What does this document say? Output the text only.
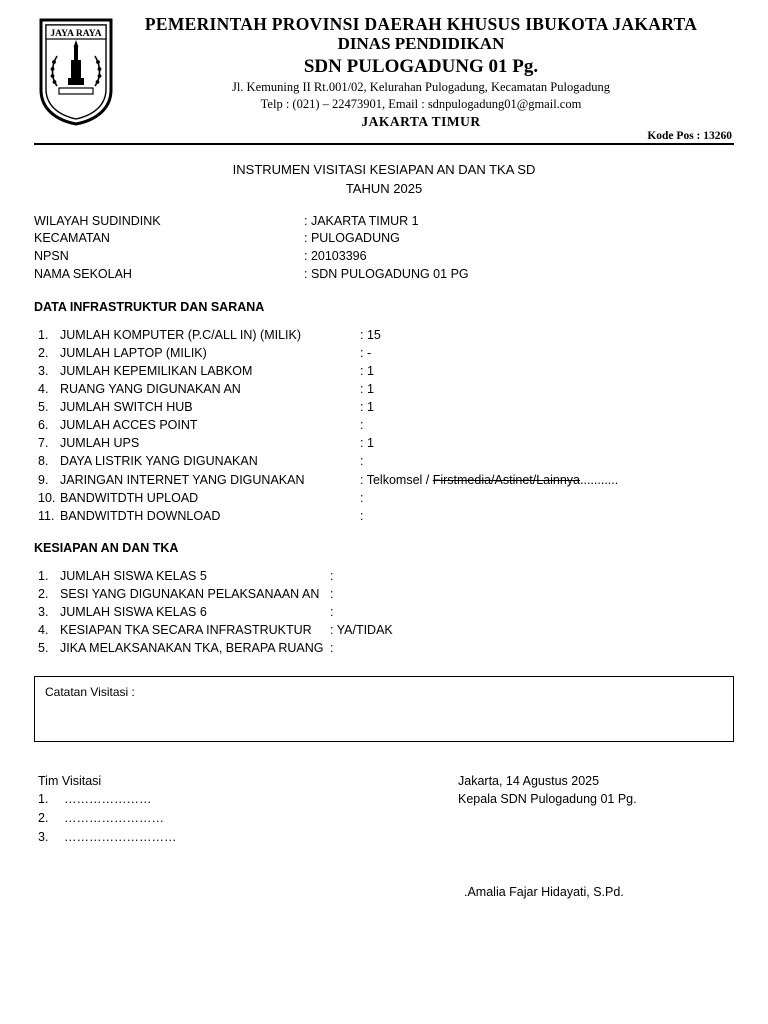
JAYA RAYA	PEMERINTAH PROVINSI DAERAH KHUSUS IBUKOTA JAKARTA
DINAS PENDIDIKAN
SDN PULOGADUNG 01 Pg.
Jl. Kemuning II Rt.001/02, Kelurahan Pulogadung, Kecamatan Pulogadung
Telp : (021) – 22473901, Email : sdnpulogadung01@gmail.com
JAKARTA TIMUR
Kode Pos : 13260
INSTRUMEN VISITASI KESIAPAN AN DAN TKA SD
TAHUN 2025
WILAYAH SUDINDINK	: JAKARTA TIMUR 1
KECAMATAN	: PULOGADUNG
NPSN	: 20103396
NAMA SEKOLAH	: SDN PULOGADUNG 01 PG
DATA INFRASTRUKTUR DAN SARANA
1. JUMLAH KOMPUTER (P.C/ALL IN) (MILIK)	: 15
2. JUMLAH LAPTOP (MILIK)	: -
3. JUMLAH KEPEMILIKAN LABKOM	: 1
4. RUANG YANG DIGUNAKAN AN	: 1
5. JUMLAH SWITCH HUB	: 1
6. JUMLAH ACCES POINT	:
7. JUMLAH UPS	: 1
8. DAYA LISTRIK YANG DIGUNAKAN	:
9. JARINGAN INTERNET YANG DIGUNAKAN	: Telkomsel / Firstmedia/Astinet/Lainnya...........
10. BANDWITDTH UPLOAD	:
11. BANDWITDTH DOWNLOAD	:
KESIAPAN AN DAN TKA
1. JUMLAH SISWA KELAS 5	:
2. SESI YANG DIGUNAKAN PELAKSANAAN AN :
3. JUMLAH SISWA KELAS 6	:
4. KESIAPAN TKA SECARA INFRASTRUKTUR	: YA/TIDAK
5. JIKA MELAKSANAKAN TKA, BERAPA RUANG :
Catatan Visitasi :
Tim Visitasi
1.	…………………
2.	……………………
3.	………………………
Jakarta, 14 Agustus 2025
Kepala SDN Pulogadung 01 Pg.
.Amalia Fajar Hidayati, S.Pd.
